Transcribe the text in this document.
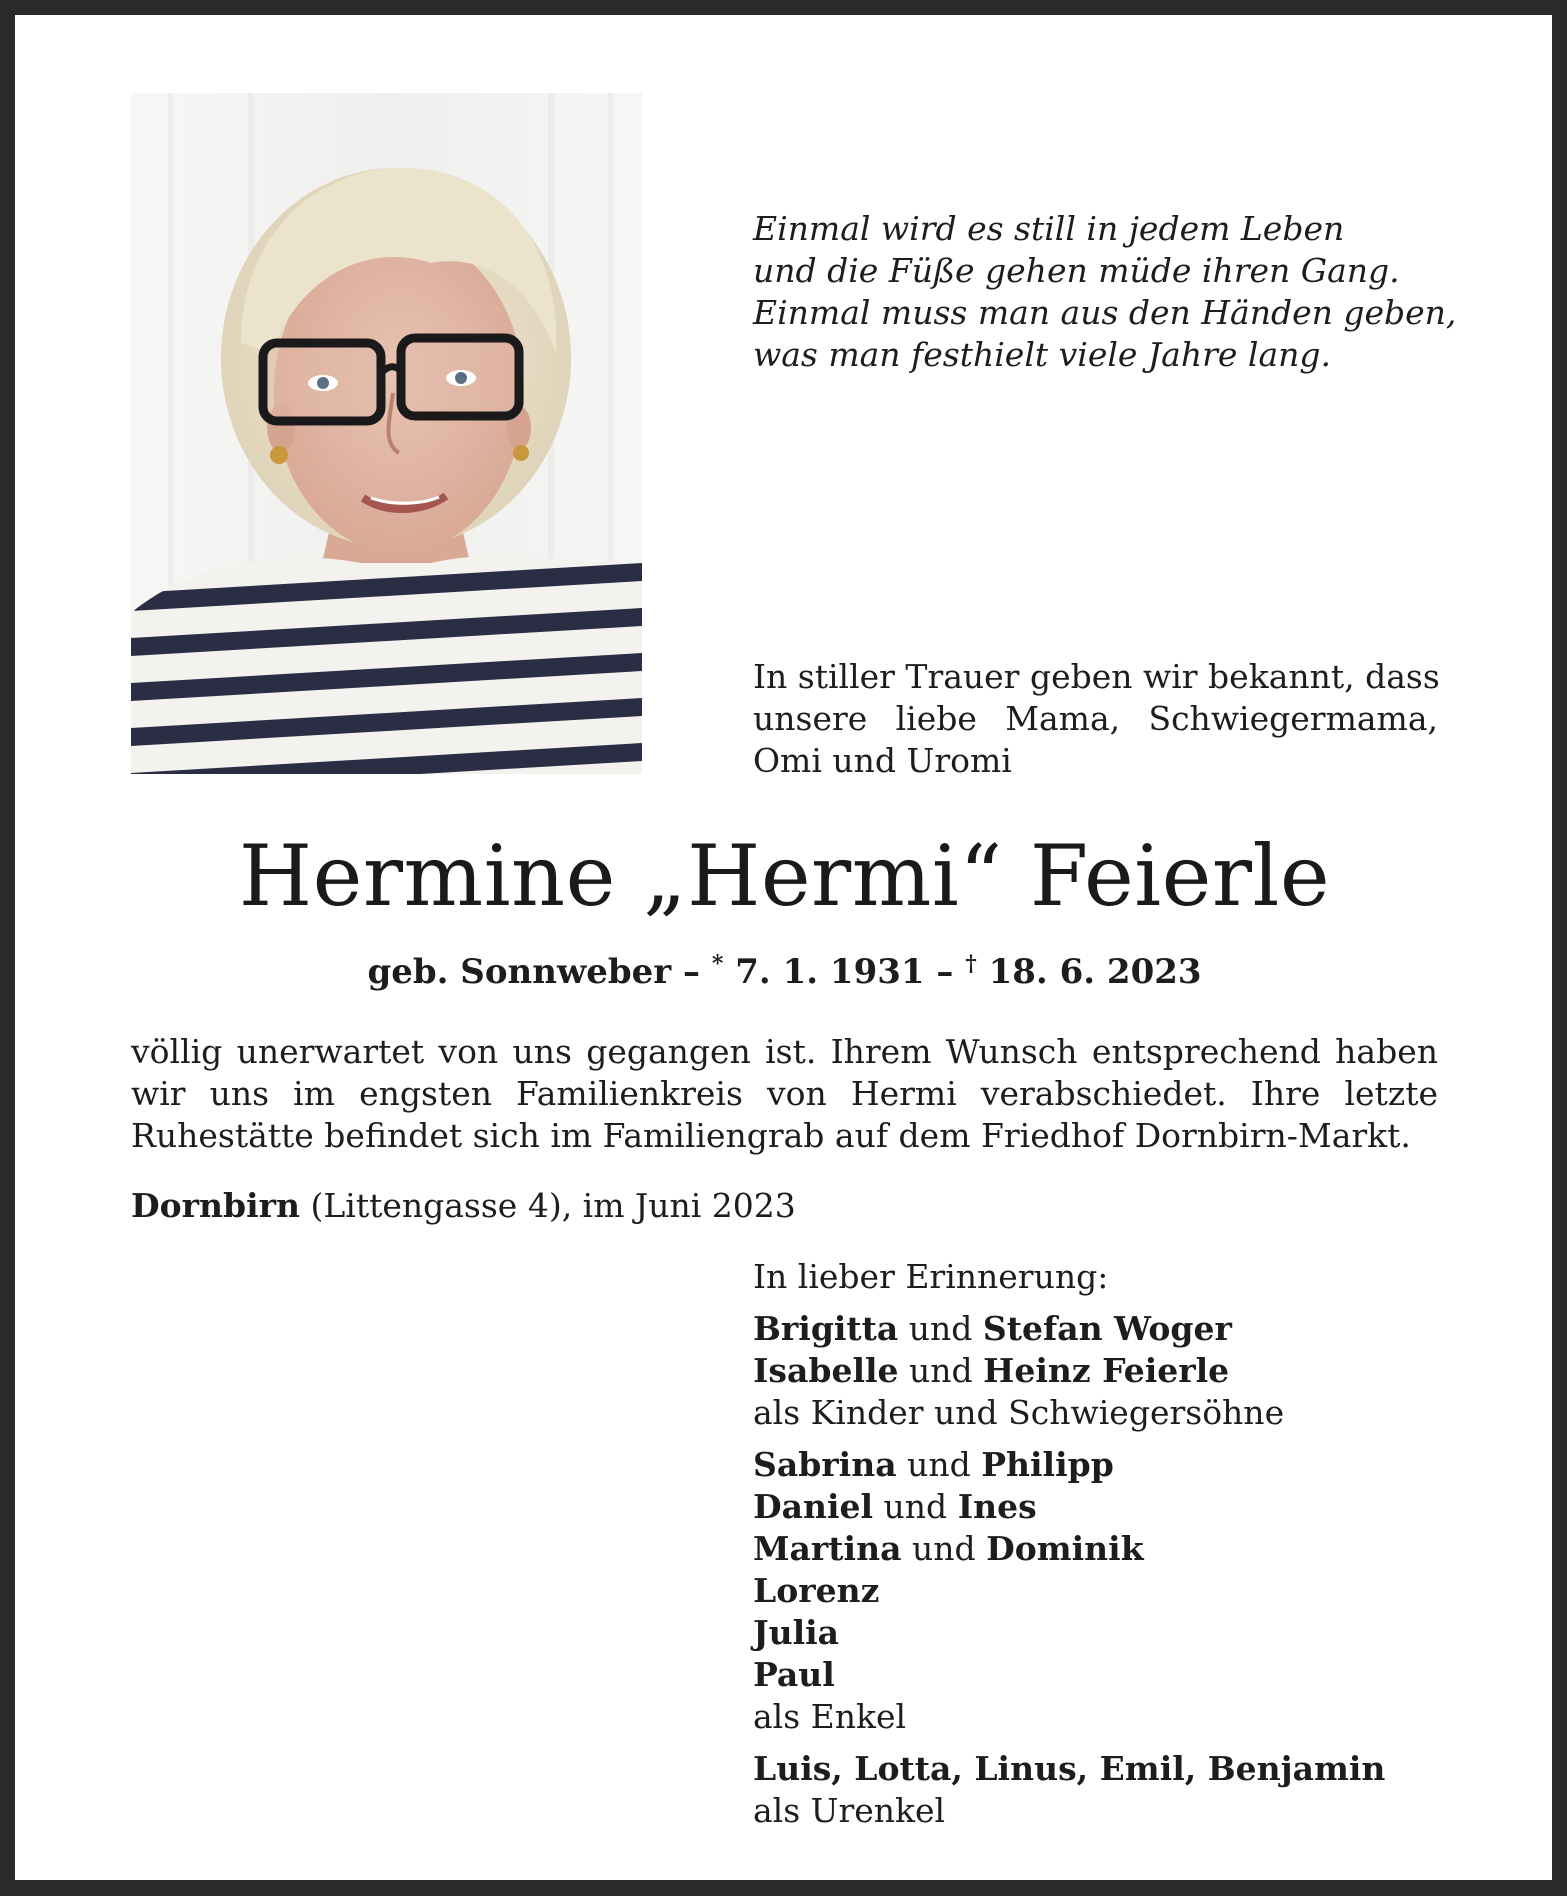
Einmal wird es still in jedem Leben
und die Füße gehen müde ihren Gang.
Einmal muss man aus den Händen geben,
was man festhielt viele Jahre lang.
In stiller Trauer geben wir bekannt, dass
unsere liebe Mama, Schwiegermama,
Omi und Uromi
Hermine „Hermi“ Feierle
geb. Sonnweber – * 7. 1. 1931 – † 18. 6. 2023
völlig unerwartet von uns gegangen ist. Ihrem Wunsch entsprechend haben
wir uns im engsten Familienkreis von Hermi verabschiedet. Ihre letzte
Ruhestätte befindet sich im Familiengrab auf dem Friedhof Dornbirn-Markt.
Dornbirn (Littengasse 4), im Juni 2023
In lieber Erinnerung:
Brigitta und Stefan Woger
Isabelle und Heinz Feierle
als Kinder und Schwiegersöhne
Sabrina und Philipp
Daniel und Ines
Martina und Dominik
Lorenz
Julia
Paul
als Enkel
Luis, Lotta, Linus, Emil, Benjamin
als Urenkel
